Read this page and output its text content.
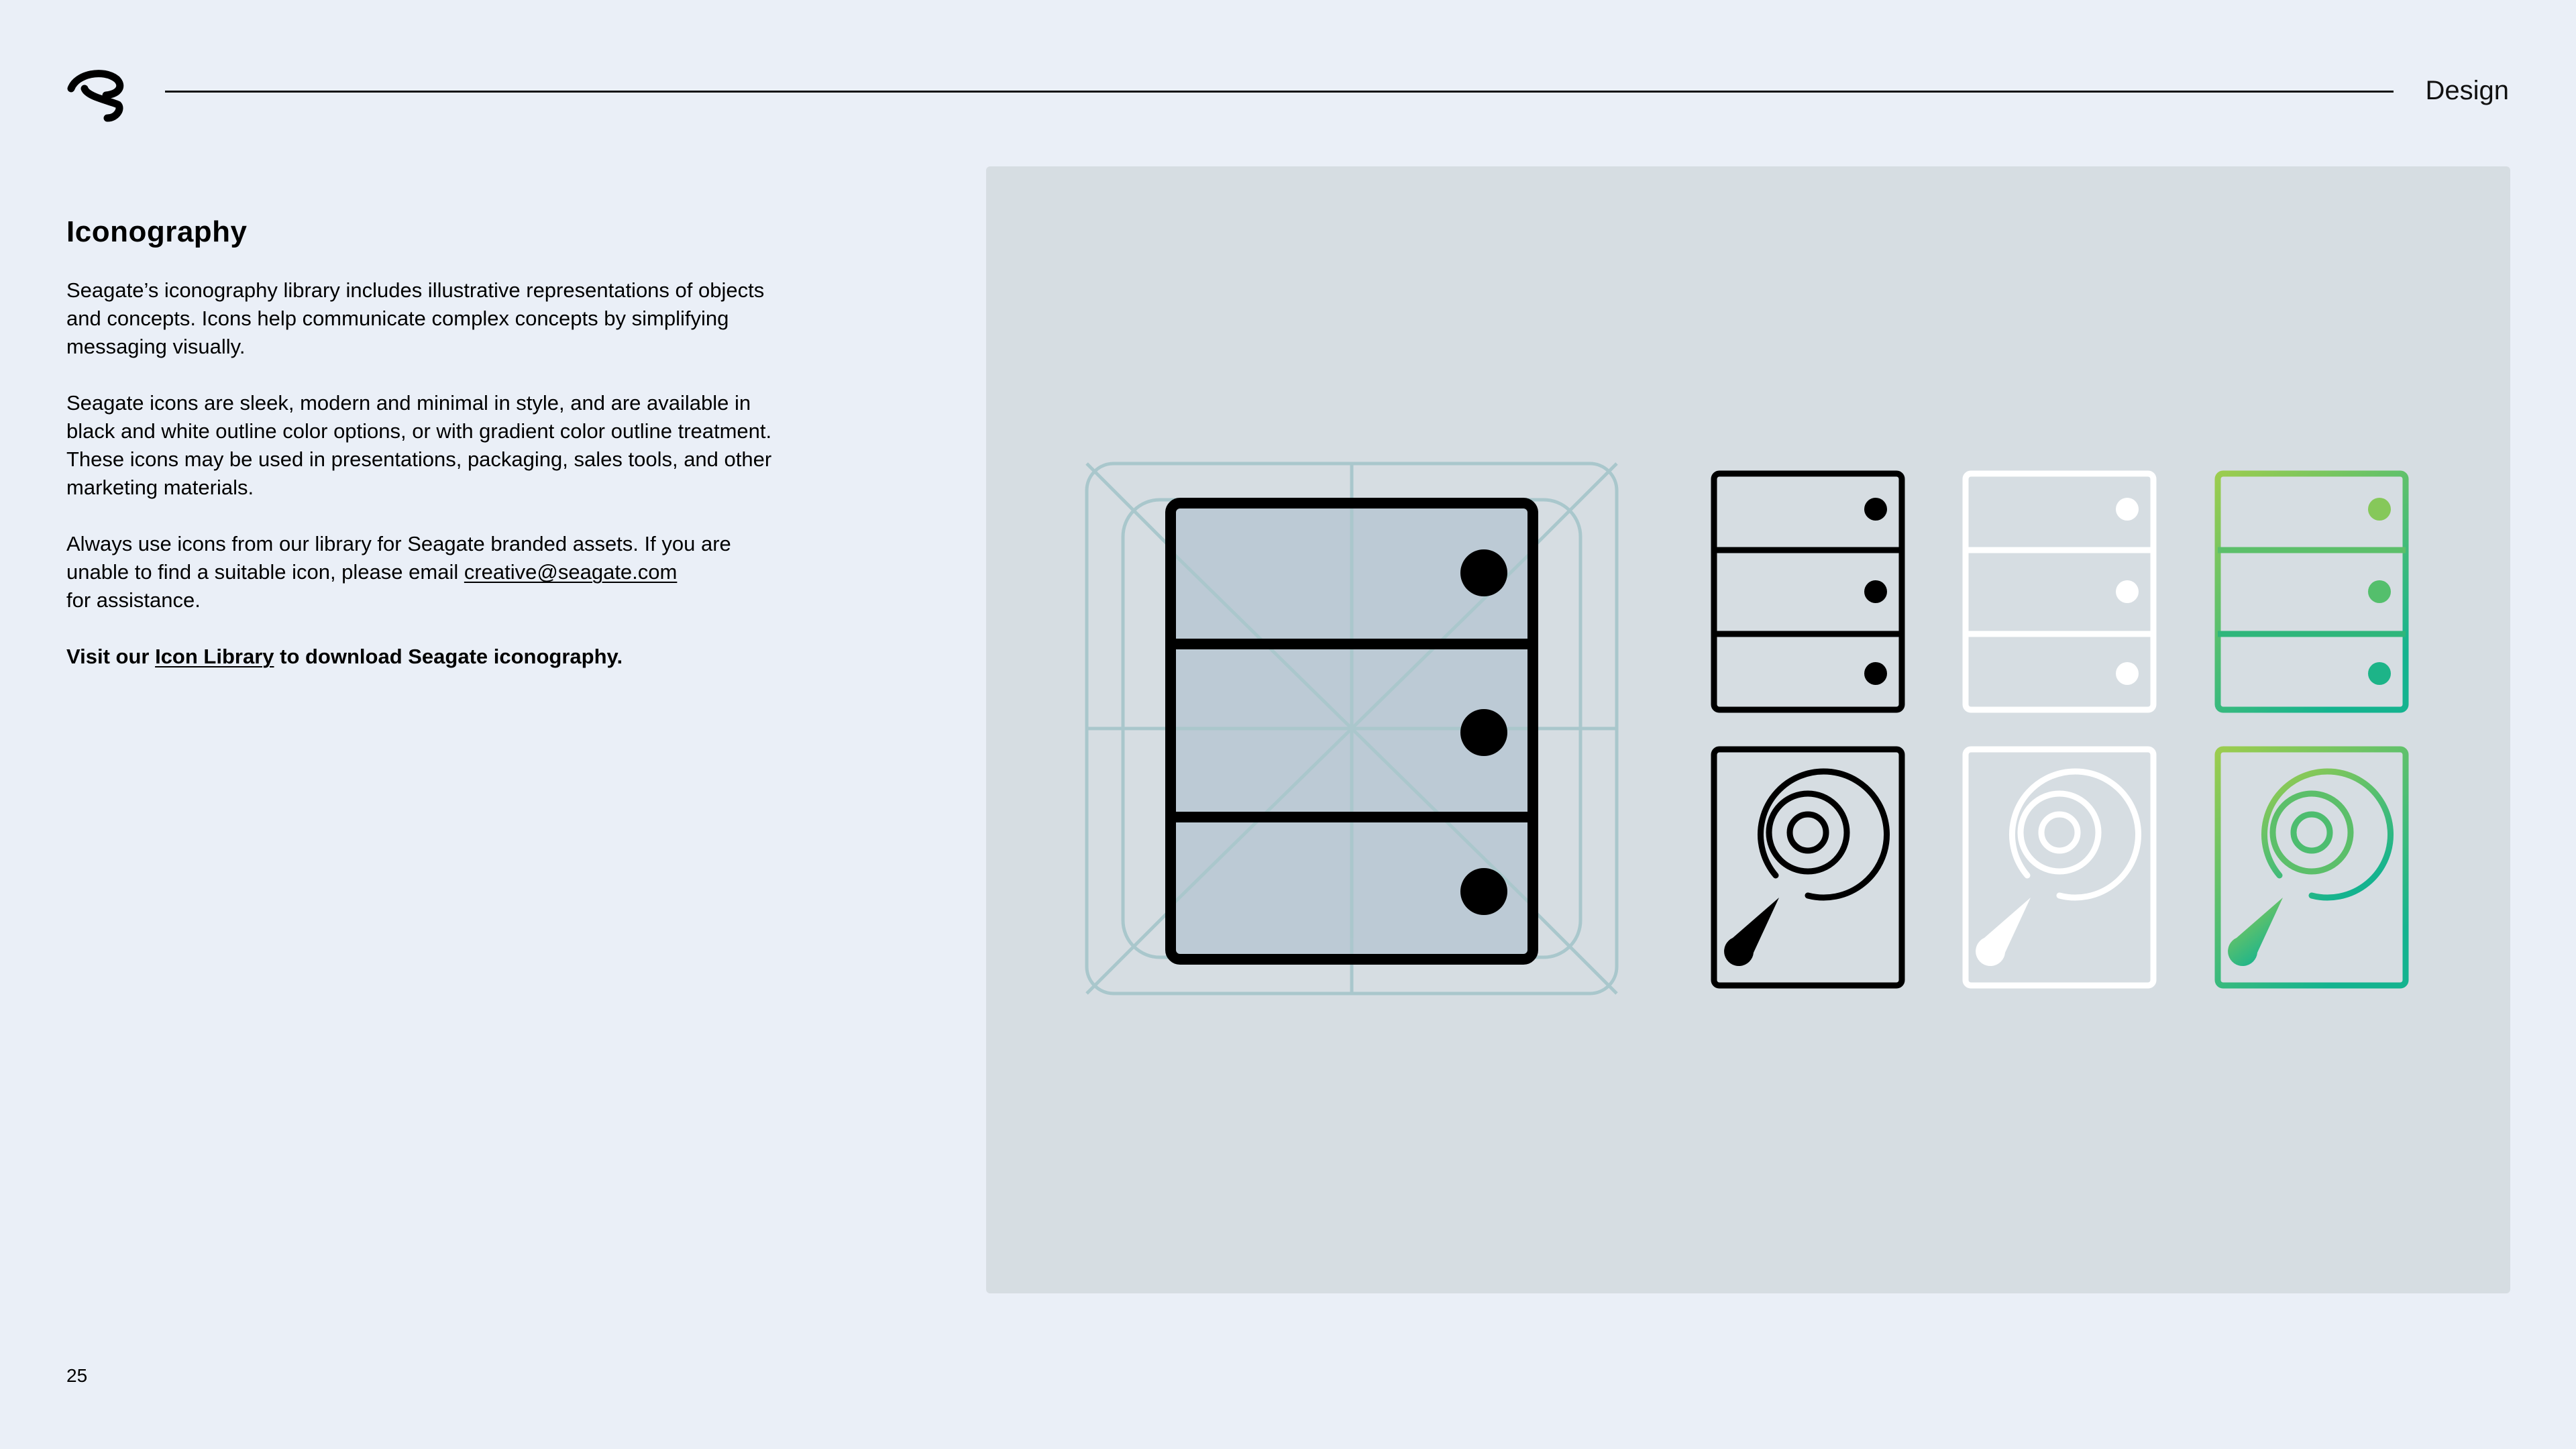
Design
Iconography

Seagate’s iconography library includes illustrative representations of objects and concepts. Icons help communicate complex concepts by simplifying messaging visually.

Seagate icons are sleek, modern and minimal in style, and are available in black and white outline color options, or with gradient color outline treatment. These icons may be used in presentations, packaging, sales tools, and other marketing materials.

Always use icons from our library for Seagate branded assets. If you are unable to find a suitable icon, please email creative@seagate.com
for assistance.

Visit our Icon Library to download Seagate iconography.

25
